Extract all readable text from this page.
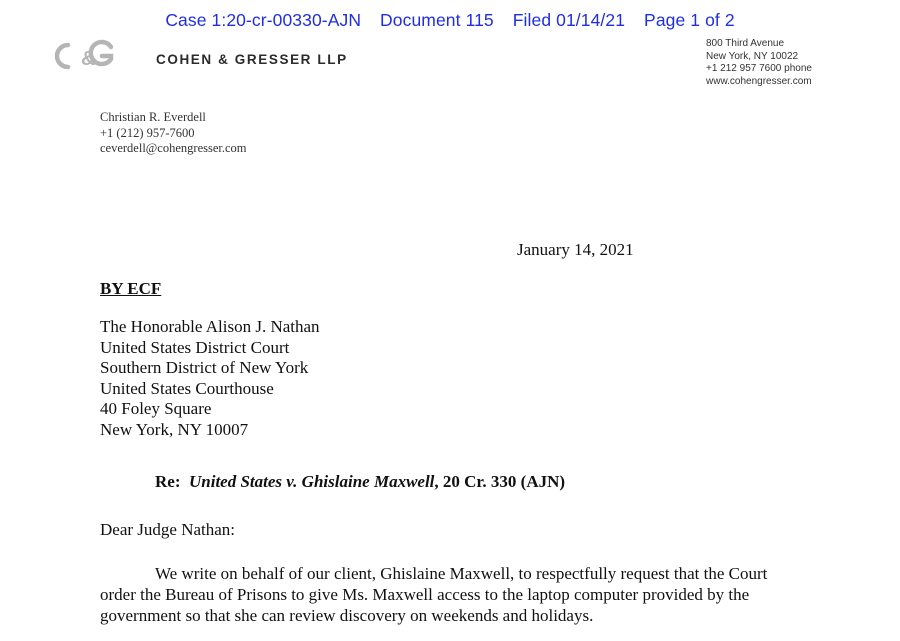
Case 1:20-cr-00330-AJN Document 115 Filed 01/14/21 Page 1 of 2
&	COHEN & GRESSER LLP
800 Third Avenue
New York, NY 10022
+1 212 957 7600 phone
www.cohengresser.com
Christian R. Everdell
+1 (212) 957-7600
ceverdell@cohengresser.com
January 14, 2021
BY ECF
The Honorable Alison J. Nathan
United States District Court
Southern District of New York
United States Courthouse
40 Foley Square
New York, NY 10007
Re: United States v. Ghislaine Maxwell, 20 Cr. 330 (AJN)
Dear Judge Nathan:
We write on behalf of our client, Ghislaine Maxwell, to respectfully request that the Court
order the Bureau of Prisons to give Ms. Maxwell access to the laptop computer provided by the
government so that she can review discovery on weekends and holidays.
